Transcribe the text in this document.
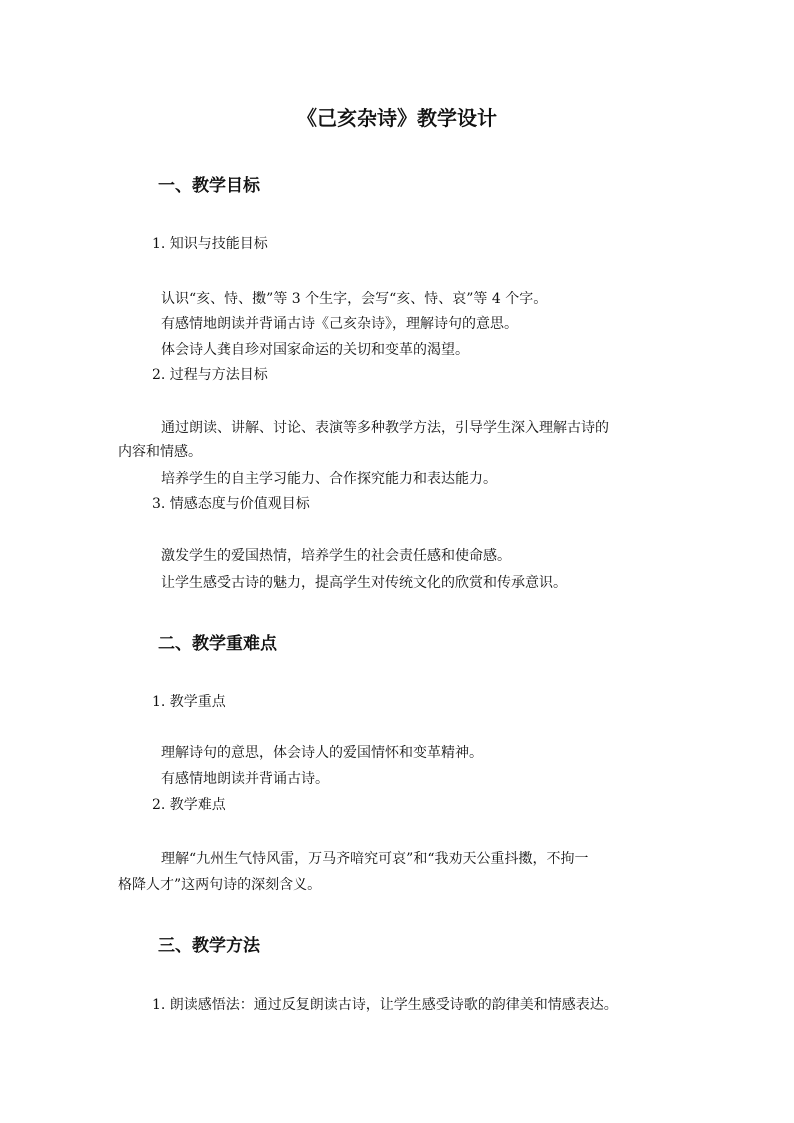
《己亥杂诗》教学设计
一、教学目标
1. 知识与技能目标
认识“亥、恃、擞”等 3 个生字，会写“亥、恃、哀”等 4 个字。
有感情地朗读并背诵古诗《己亥杂诗》，理解诗句的意思。
体会诗人龚自珍对国家命运的关切和变革的渴望。
2. 过程与方法目标
通过朗读、讲解、讨论、表演等多种教学方法，引导学生深入理解古诗的
内容和情感。
培养学生的自主学习能力、合作探究能力和表达能力。
3. 情感态度与价值观目标
激发学生的爱国热情，培养学生的社会责任感和使命感。
让学生感受古诗的魅力，提高学生对传统文化的欣赏和传承意识。
二、教学重难点
1. 教学重点
理解诗句的意思，体会诗人的爱国情怀和变革精神。
有感情地朗读并背诵古诗。
2. 教学难点
理解“九州生气恃风雷，万马齐喑究可哀”和“我劝天公重抖擞，不拘一
格降人才”这两句诗的深刻含义。
三、教学方法
1. 朗读感悟法：通过反复朗读古诗，让学生感受诗歌的韵律美和情感表达。
